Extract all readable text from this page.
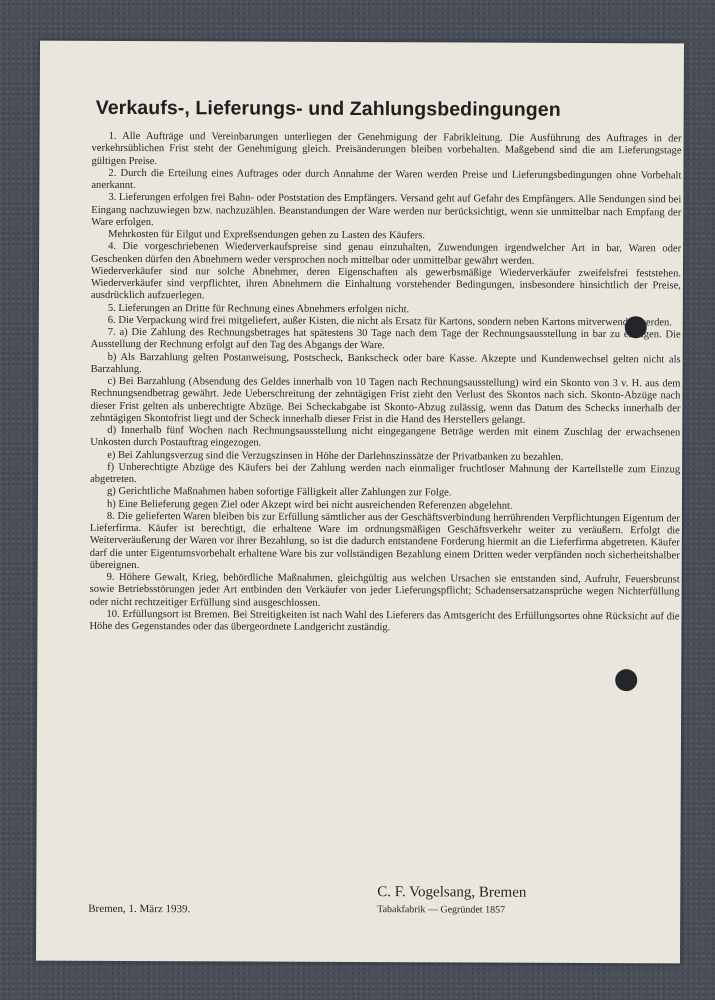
Verkaufs-, Lieferungs- und Zahlungsbedingungen

1. Alle Aufträge und Vereinbarungen unterliegen der Genehmigung der Fabrikleitung. Die Ausführung des Auftrages in der verkehrsüblichen Frist steht der Genehmigung gleich. Preisänderungen bleiben vorbehalten. Maßgebend sind die am Lieferungstage gültigen Preise.

2. Durch die Erteilung eines Auftrages oder durch Annahme der Waren werden Preise und Lieferungsbedingungen ohne Vorbehalt anerkannt.

3. Lieferungen erfolgen frei Bahn- oder Poststation des Empfängers. Versand geht auf Gefahr des Empfängers. Alle Sendungen sind bei Eingang nachzuwiegen bzw. nachzuzählen. Beanstandungen der Ware werden nur berücksichtigt, wenn sie unmittelbar nach Empfang der Ware erfolgen.

Mehrkosten für Eilgut und Expreßsendungen gehen zu Lasten des Käufers.

4. Die vorgeschriebenen Wiederverkaufspreise sind genau einzuhalten, Zuwendungen irgendwelcher Art in bar, Waren oder Geschenken dürfen den Abnehmern weder versprochen noch mittelbar oder unmittelbar gewährt werden.

Wiederverkäufer sind nur solche Abnehmer, deren Eigenschaften als gewerbsmäßige Wiederverkäufer zweifelsfrei feststehen. Wiederverkäufer sind verpflichtet, ihren Abnehmern die Einhaltung vorstehender Bedingungen, insbesondere hinsichtlich der Preise, ausdrücklich aufzuerlegen.

5. Lieferungen an Dritte für Rechnung eines Abnehmers erfolgen nicht.

6. Die Verpackung wird frei mitgeliefert, außer Kisten, die nicht als Ersatz für Kartons, sondern neben Kartons mitverwendet werden.

7. a) Die Zahlung des Rechnungsbetrages hat spätestens 30 Tage nach dem Tage der Rechnungsausstellung in bar zu erfolgen. Die Ausstellung der Rechnung erfolgt auf den Tag des Abgangs der Ware.

b) Als Barzahlung gelten Postanweisung, Postscheck, Bankscheck oder bare Kasse. Akzepte und Kundenwechsel gelten nicht als Barzahlung.

c) Bei Barzahlung (Absendung des Geldes innerhalb von 10 Tagen nach Rechnungsausstellung) wird ein Skonto von 3 v. H. aus dem Rechnungsendbetrag gewährt. Jede Ueberschreitung der zehntägigen Frist zieht den Verlust des Skontos nach sich. Skonto-Abzüge nach dieser Frist gelten als unberechtigte Abzüge. Bei Scheckabgabe ist Skonto-Abzug zulässig, wenn das Datum des Schecks innerhalb der zehntägigen Skontofrist liegt und der Scheck innerhalb dieser Frist in die Hand des Herstellers gelangt.

d) Innerhalb fünf Wochen nach Rechnungsausstellung nicht eingegangene Beträge werden mit einem Zuschlag der erwachsenen Unkosten durch Postauftrag eingezogen.

e) Bei Zahlungsverzug sind die Verzugszinsen in Höhe der Darlehnszinssätze der Privatbanken zu bezahlen.

f) Unberechtigte Abzüge des Käufers bei der Zahlung werden nach einmaliger fruchtloser Mahnung der Kartellstelle zum Einzug abgetreten.

g) Gerichtliche Maßnahmen haben sofortige Fälligkeit aller Zahlungen zur Folge.

h) Eine Belieferung gegen Ziel oder Akzept wird bei nicht ausreichenden Referenzen abgelehnt.

8. Die gelieferten Waren bleiben bis zur Erfüllung sämtlicher aus der Geschäftsverbindung herrührenden Verpflichtungen Eigentum der Lieferfirma. Käufer ist berechtigt, die erhaltene Ware im ordnungsmäßigen Geschäftsverkehr weiter zu veräußern. Erfolgt die Weiterveräußerung der Waren vor ihrer Bezahlung, so ist die dadurch entstandene Forderung hiermit an die Lieferfirma abgetreten. Käufer darf die unter Eigentumsvorbehalt erhaltene Ware bis zur vollständigen Bezahlung einem Dritten weder verpfänden noch sicherheitshalber übereignen.

9. Höhere Gewalt, Krieg, behördliche Maßnahmen, gleichgültig aus welchen Ursachen sie entstanden sind, Aufruhr, Feuersbrunst sowie Betriebsstörungen jeder Art entbinden den Verkäufer von jeder Lieferungspflicht; Schadensersatzansprüche wegen Nichterfüllung oder nicht rechtzeitiger Erfüllung sind ausgeschlossen.

10. Erfüllungsort ist Bremen. Bei Streitigkeiten ist nach Wahl des Lieferers das Amtsgericht des Erfüllungsortes ohne Rücksicht auf die Höhe des Gegenstandes oder das übergeordnete Landgericht zuständig.

Bremen, 1. März 1939.
C. F. Vogelsang, Bremen
Tabakfabrik — Gegründet 1857
